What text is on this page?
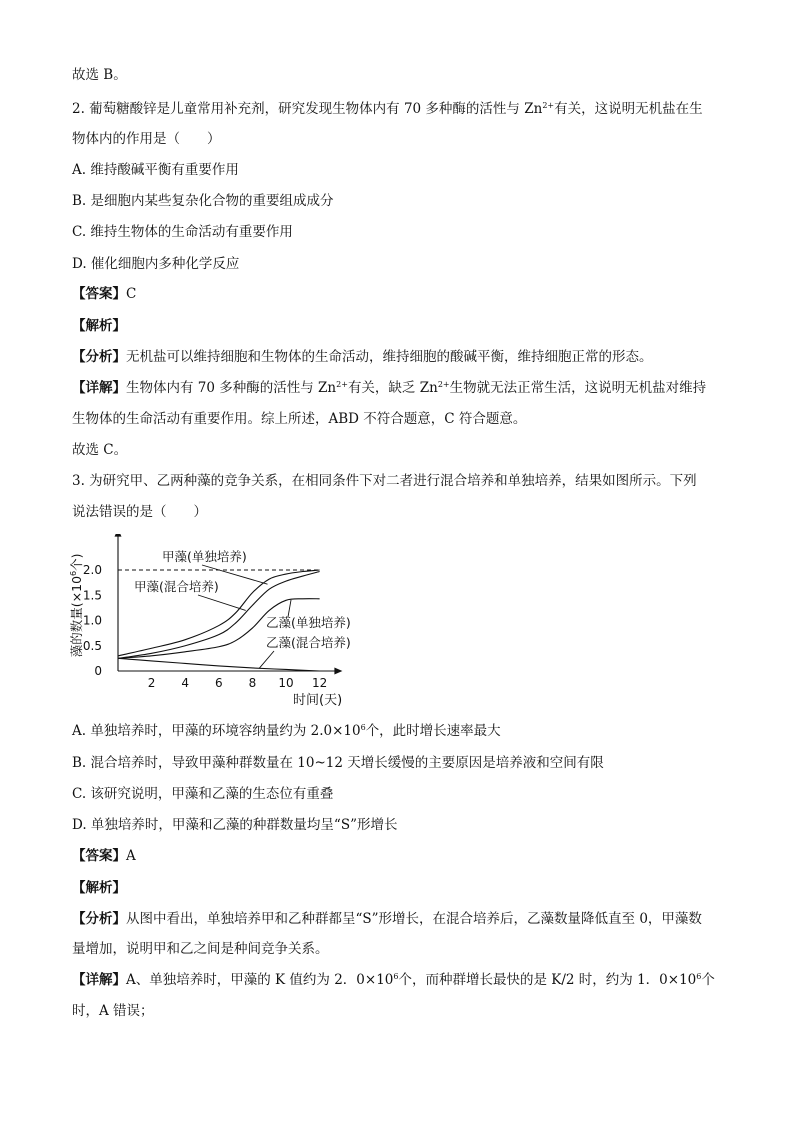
故选 B。
2. 葡萄糖酸锌是儿童常用补充剂，研究发现生物体内有 70 多种酶的活性与 $Zn^{2+}$有关，这说明无机盐在生
物体内的作用是（　　）
A. 维持酸碱平衡有重要作用
B. 是细胞内某些复杂化合物的重要组成成分
C. 维持生物体的生命活动有重要作用
D. 催化细胞内多种化学反应
【答案】C
【解析】
【分析】无机盐可以维持细胞和生物体的生命活动，维持细胞的酸碱平衡，维持细胞正常的形态。
【详解】生物体内有 70 多种酶的活性与 $Zn^{2+}$有关，缺乏 $Zn^{2+}$生物就无法正常生活，这说明无机盐对维持
生物体的生命活动有重要作用。综上所述，ABD 不符合题意，C 符合题意。
故选 C。
3. 为研究甲、乙两种藻的竞争关系，在相同条件下对二者进行混合培养和单独培养，结果如图所示。下列
说法错误的是（　　）
甲藻(单独培养)
甲藻(混合培养)
乙藻(单独培养)
乙藻(混合培养)
2 4 6 8 10 12
0
0.5
1.0
1.5
2.0
时间(天)
藻的数量($\times 10^6$个)
A. 单独培养时，甲藻的环境容纳量约为 $2.0\times 10^6$个，此时增长速率最大
B. 混合培养时，导致甲藻种群数量在 10~12 天增长缓慢的主要原因是培养液和空间有限
C. 该研究说明，甲藻和乙藻的生态位有重叠
D. 单独培养时，甲藻和乙藻的种群数量均呈“S”形增长
【答案】A
【解析】
【分析】从图中看出，单独培养甲和乙种群都呈“S”形增长，在混合培养后，乙藻数量降低直至 0，甲藻数
量增加，说明甲和乙之间是种间竞争关系。
【详解】A、单独培养时，甲藻的 K 值约为 2．$0\times 10^6$个，而种群增长最快的是 K/2 时，约为 1．$0\times 10^6$个
时，A 错误；
